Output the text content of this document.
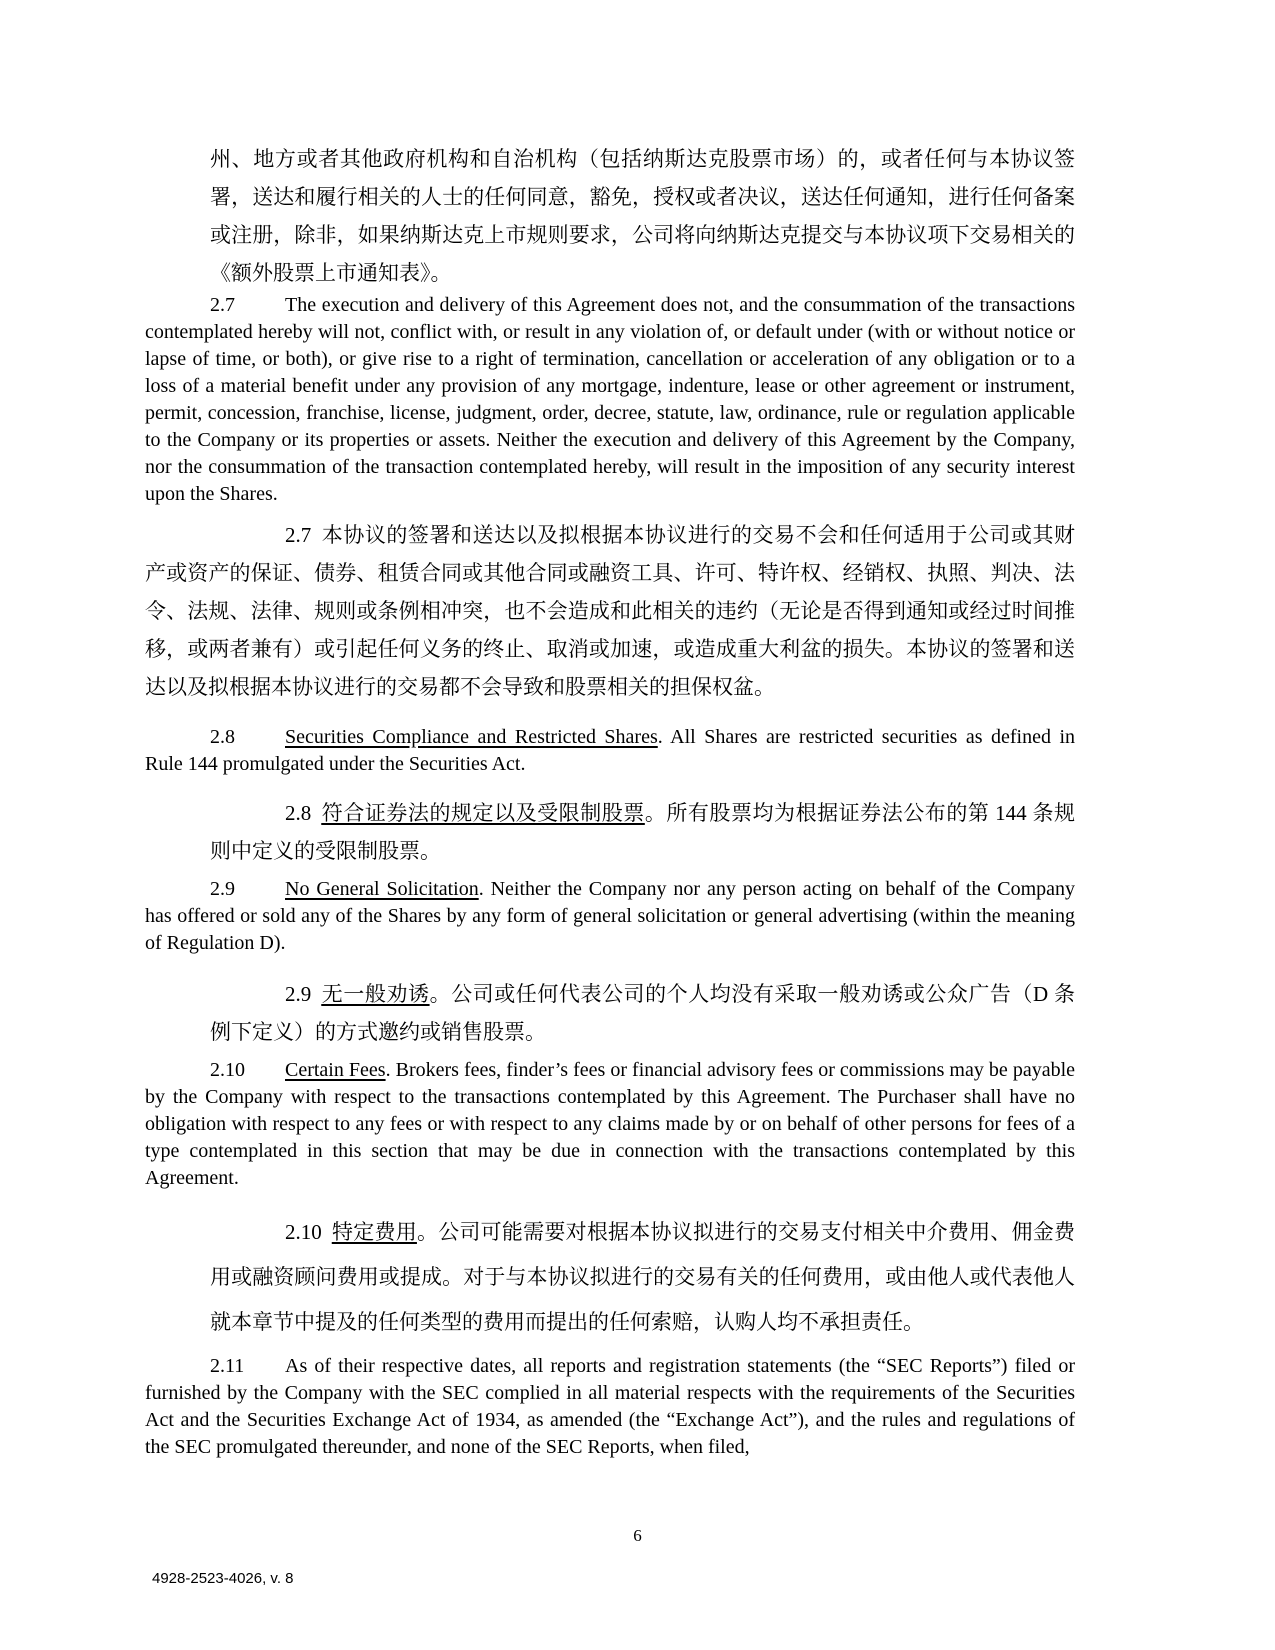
州、地方或者其他政府机构和自治机构（包括纳斯达克股票市场）的，或者任何与本协议签署，送达和履行相关的人士的任何同意，豁免，授权或者决议，送达任何通知，进行任何备案或注册，除非，如果纳斯达克上市规则要求，公司将向纳斯达克提交与本协议项下交易相关的《额外股票上市通知表》。

2.7	The execution and delivery of this Agreement does not, and the consummation of the transactions contemplated hereby will not, conflict with, or result in any violation of, or default under (with or without notice or lapse of time, or both), or give rise to a right of termination, cancellation or acceleration of any obligation or to a loss of a material benefit under any provision of any mortgage, indenture, lease or other agreement or instrument, permit, concession, franchise, license, judgment, order, decree, statute, law, ordinance, rule or regulation applicable to the Company or its properties or assets. Neither the execution and delivery of this Agreement by the Company, nor the consummation of the transaction contemplated hereby, will result in the imposition of any security interest upon the Shares.

2.7 本协议的签署和送达以及拟根据本协议进行的交易不会和任何适用于公司或其财产或资产的保证、债券、租赁合同或其他合同或融资工具、许可、特许权、经销权、执照、判决、法令、法规、法律、规则或条例相冲突，也不会造成和此相关的违约（无论是否得到通知或经过时间推移，或两者兼有）或引起任何义务的终止、取消或加速，或造成重大利盆的损失。本协议的签署和送达以及拟根据本协议进行的交易都不会导致和股票相关的担保权盆。

2.8	Securities Compliance and Restricted Shares. All Shares are restricted securities as defined in Rule 144 promulgated under the Securities Act.

2.8 符合证券法的规定以及受限制股票。所有股票均为根据证券法公布的第 144 条规则中定义的受限制股票。

2.9	No General Solicitation. Neither the Company nor any person acting on behalf of the Company has offered or sold any of the Shares by any form of general solicitation or general advertising (within the meaning of Regulation D).

2.9 无一般劝诱。公司或任何代表公司的个人均没有采取一般劝诱或公众广告（D 条例下定义）的方式邀约或销售股票。

2.10 Certain Fees. Brokers fees, finder’s fees or financial advisory fees or commissions may be payable by the Company with respect to the transactions contemplated by this Agreement. The Purchaser shall have no obligation with respect to any fees or with respect to any claims made by or on behalf of other persons for fees of a type contemplated in this section that may be due in connection with the transactions contemplated by this Agreement.

2.10 特定费用。公司可能需要对根据本协议拟进行的交易支付相关中介费用、佣金费用或融资顾问费用或提成。对于与本协议拟进行的交易有关的任何费用，或由他人或代表他人就本章节中提及的任何类型的费用而提出的任何索赔，认购人均不承担责任。

2.11 As of their respective dates, all reports and registration statements (the “SEC Reports”) filed or furnished by the Company with the SEC complied in all material respects with the requirements of the Securities Act and the Securities Exchange Act of 1934, as amended (the “Exchange Act”), and the rules and regulations of the SEC promulgated thereunder, and none of the SEC Reports, when filed,

6
4928-2523-4026, v. 8
